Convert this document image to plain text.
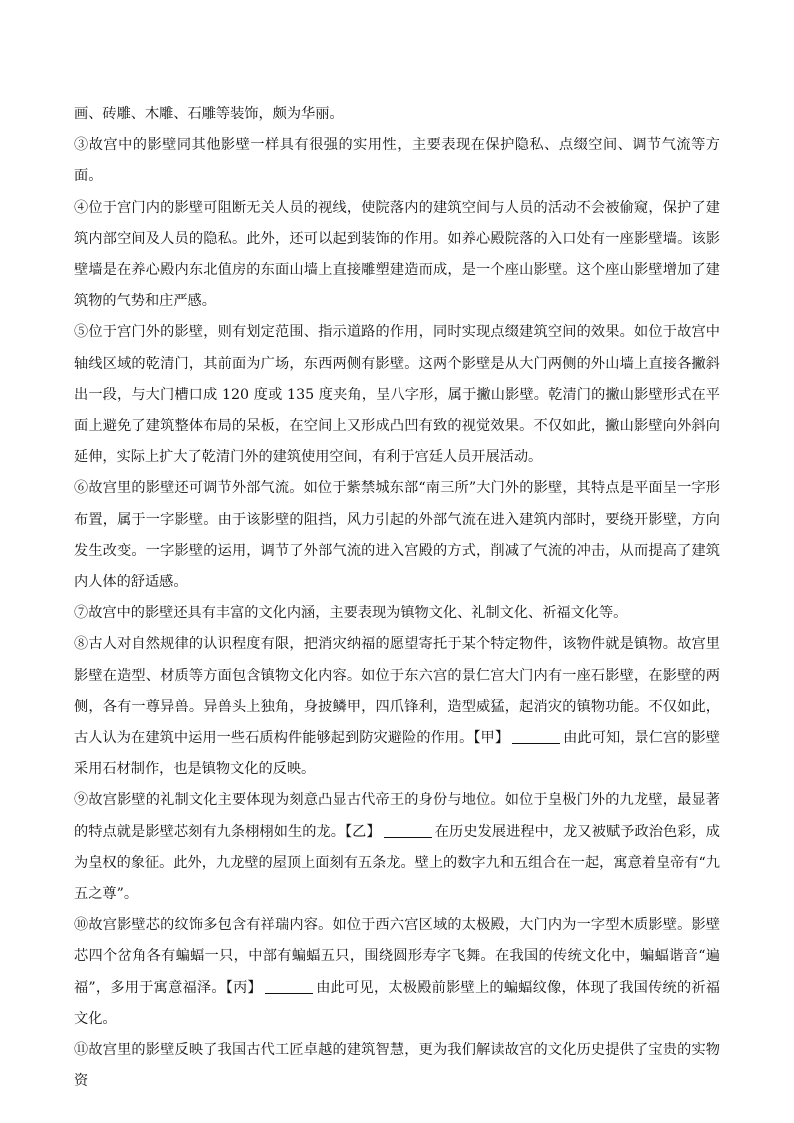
画、砖雕、木雕、石雕等装饰，颇为华丽。

③故宫中的影壁同其他影壁一样具有很强的实用性，主要表现在保护隐私、点缀空间、调节气流等方面。

④位于宫门内的影壁可阻断无关人员的视线，使院落内的建筑空间与人员的活动不会被偷窥，保护了建筑内部空间及人员的隐私。此外，还可以起到装饰的作用。如养心殿院落的入口处有一座影壁墙。该影壁墙是在养心殿内东北值房的东面山墙上直接雕塑建造而成，是一个座山影壁。这个座山影壁增加了建筑物的气势和庄严感。

⑤位于宫门外的影壁，则有划定范围、指示道路的作用，同时实现点缀建筑空间的效果。如位于故宫中轴线区域的乾清门，其前面为广场，东西两侧有影壁。这两个影壁是从大门两侧的外山墙上直接各撇斜出一段，与大门槽口成 120 度或 135 度夹角，呈八字形，属于撇山影壁。乾清门的撇山影壁形式在平面上避免了建筑整体布局的呆板，在空间上又形成凸凹有致的视觉效果。不仅如此，撇山影壁向外斜向延伸，实际上扩大了乾清门外的建筑使用空间，有利于宫廷人员开展活动。

⑥故宫里的影壁还可调节外部气流。如位于紫禁城东部“南三所”大门外的影壁，其特点是平面呈一字形布置，属于一字影壁。由于该影壁的阻挡，风力引起的外部气流在进入建筑内部时，要绕开影壁，方向发生改变。一字影壁的运用，调节了外部气流的进入宫殿的方式，削减了气流的冲击，从而提高了建筑内人体的舒适感。

⑦故宫中的影壁还具有丰富的文化内涵，主要表现为镇物文化、礼制文化、祈福文化等。

⑧古人对自然规律的认识程度有限，把消灾纳福的愿望寄托于某个特定物件，该物件就是镇物。故宫里影壁在造型、材质等方面包含镇物文化内容。如位于东六宫的景仁宫大门内有一座石影壁，在影壁的两侧，各有一尊异兽。异兽头上独角，身披鳞甲，四爪锋利，造型威猛，起消灾的镇物功能。不仅如此，古人认为在建筑中运用一些石质构件能够起到防灾避险的作用。【甲】	由此可知，景仁宫的影壁采用石材制作，也是镇物文化的反映。

⑨故宫影壁的礼制文化主要体现为刻意凸显古代帝王的身份与地位。如位于皇极门外的九龙壁，最显著的特点就是影壁芯刻有九条栩栩如生的龙。【乙】	在历史发展进程中，龙又被赋予政治色彩，成为皇权的象征。此外，九龙壁的屋顶上面刻有五条龙。壁上的数字九和五组合在一起，寓意着皇帝有“九五之尊”。

⑩故宫影壁芯的纹饰多包含有祥瑞内容。如位于西六宫区域的太极殿，大门内为一字型木质影壁。影壁芯四个岔角各有蝙蝠一只，中部有蝙蝠五只，围绕圆形寿字飞舞。在我国的传统文化中，蝙蝠谐音“遍福”，多用于寓意福泽。【丙】	由此可见，太极殿前影壁上的蝙蝠纹像，体现了我国传统的祈福文化。

⑪故宫里的影壁反映了我国古代工匠卓越的建筑智慧，更为我们解读故宫的文化历史提供了宝贵的实物资
